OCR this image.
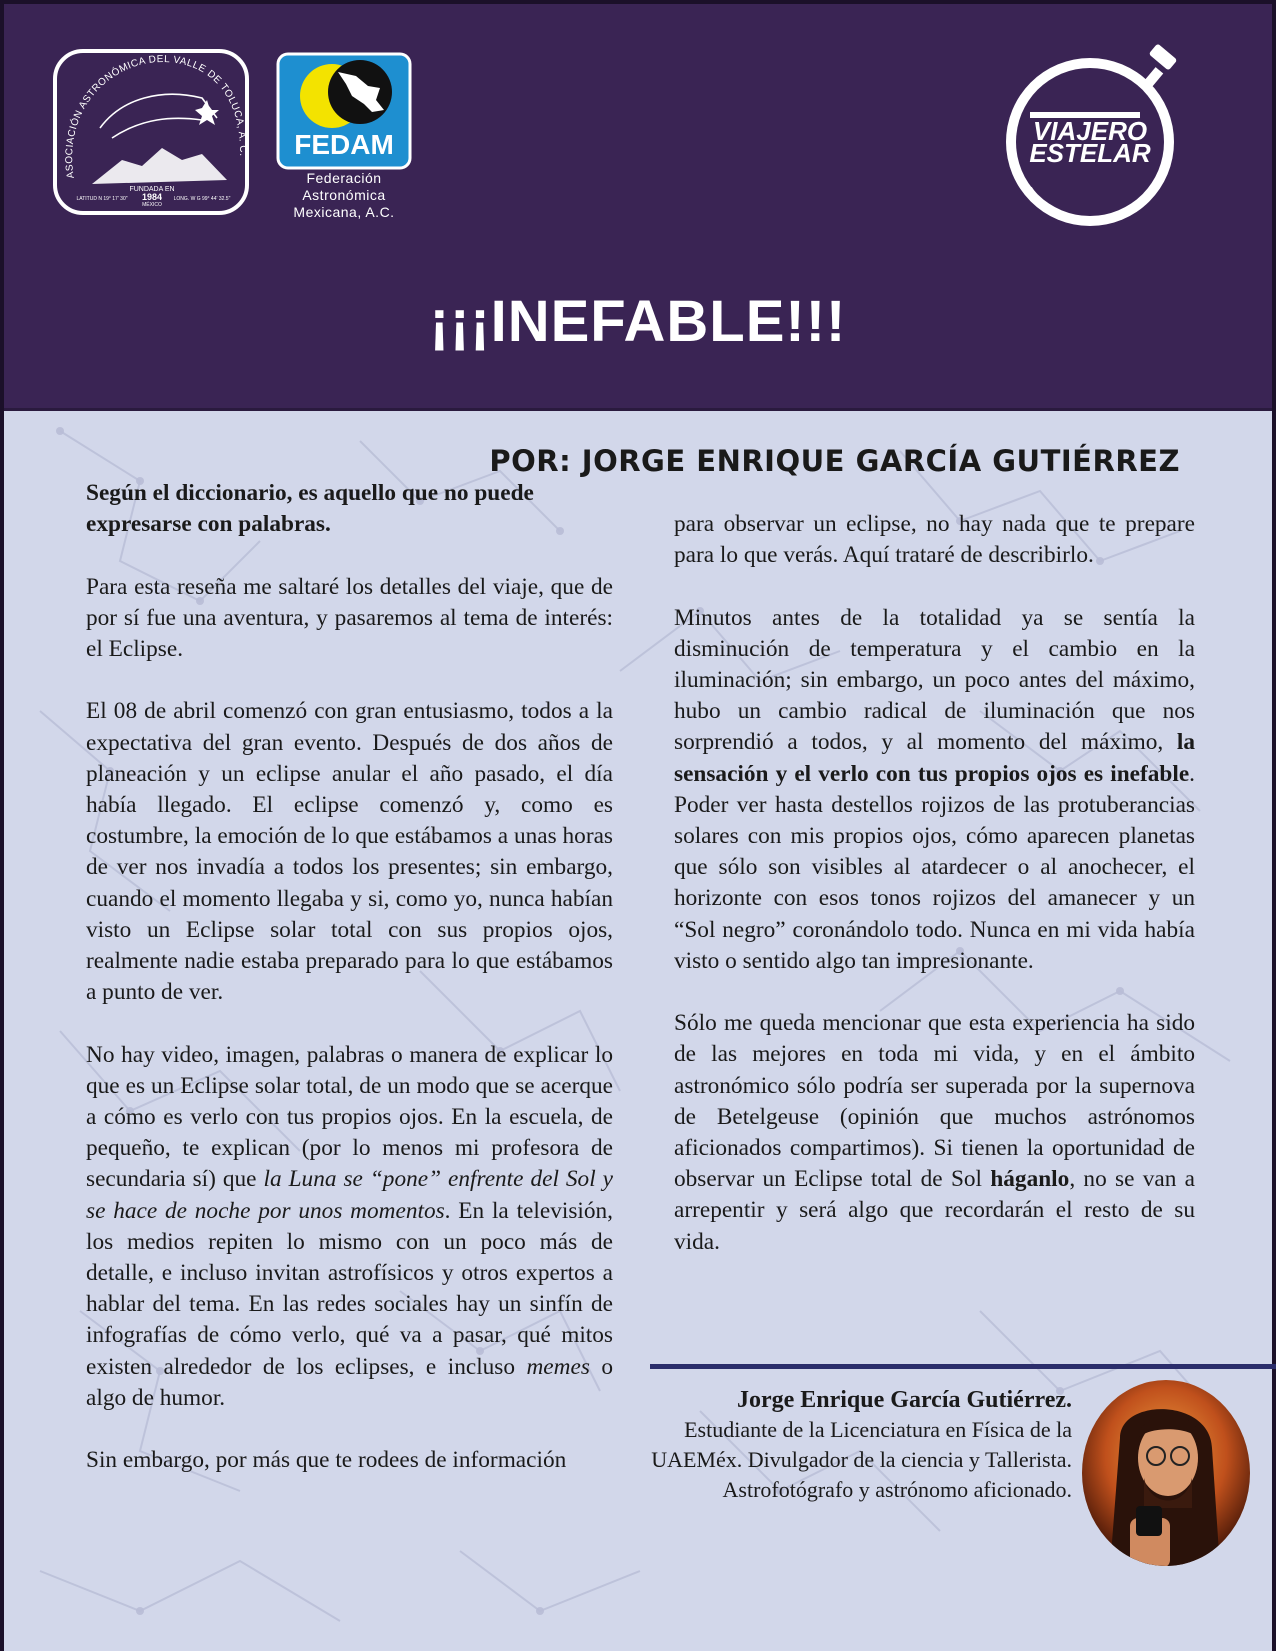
ASOCIACIÓN ASTRONÓMICA DEL VALLE DE TOLUCA, A. C.
FUNDADA EN
1984
MÉXICO
LATITUD N 19° 17' 30"	LONG. W G 99° 44' 32.5"
FEDAM
Federación
Astronómica
Mexicana, A.C.
VIAJERO
ESTELAR
¡¡¡INEFABLE!!!
POR: JORGE ENRIQUE GARCÍA GUTIÉRREZ

Según el diccionario, es aquello que no puede expresarse con palabras.

Para esta reseña me saltaré los detalles del viaje, que de por sí fue una aventura, y pasaremos al tema de interés: el Eclipse.

El 08 de abril comenzó con gran entusiasmo, todos a la expectativa del gran evento. Después de dos años de planeación y un eclipse anular el año pasado, el día había llegado. El eclipse comenzó y, como es costumbre, la emoción de lo que estábamos a unas horas de ver nos invadía a todos los presentes; sin embargo, cuando el momento llegaba y si, como yo, nunca habían visto un Eclipse solar total con sus propios ojos, realmente nadie estaba preparado para lo que estábamos a punto de ver.

No hay video, imagen, palabras o manera de explicar lo que es un Eclipse solar total, de un modo que se acerque a cómo es verlo con tus propios ojos. En la escuela, de pequeño, te explican (por lo menos mi profesora de secundaria sí) que la Luna se “pone” enfrente del Sol y se hace de noche por unos momentos. En la televisión, los medios repiten lo mismo con un poco más de detalle, e incluso invitan astrofísicos y otros expertos a hablar del tema. En las redes sociales hay un sinfín de infografías de cómo verlo, qué va a pasar, qué mitos existen alrededor de los eclipses, e incluso memes o algo de humor.

Sin embargo, por más que te rodees de información

para observar un eclipse, no hay nada que te prepare para lo que verás. Aquí trataré de describirlo.

Minutos antes de la totalidad ya se sentía la disminución de temperatura y el cambio en la iluminación; sin embargo, un poco antes del máximo, hubo un cambio radical de iluminación que nos sorprendió a todos, y al momento del máximo, la sensación y el verlo con tus propios ojos es inefable. Poder ver hasta destellos rojizos de las protuberancias solares con mis propios ojos, cómo aparecen planetas que sólo son visibles al atardecer o al anochecer, el horizonte con esos tonos rojizos del amanecer y un “Sol negro” coronándolo todo. Nunca en mi vida había visto o sentido algo tan impresionante.

Sólo me queda mencionar que esta experiencia ha sido de las mejores en toda mi vida, y en el ámbito astronómico sólo podría ser superada por la supernova de Betelgeuse (opinión que muchos astrónomos aficionados compartimos). Si tienen la oportunidad de observar un Eclipse total de Sol háganlo, no se van a arrepentir y será algo que recordarán el resto de su vida.

Jorge Enrique García Gutiérrez.
Estudiante de la Licenciatura en Física de la UAEMéx. Divulgador de la ciencia y Tallerista. Astrofotógrafo y astrónomo aficionado.
